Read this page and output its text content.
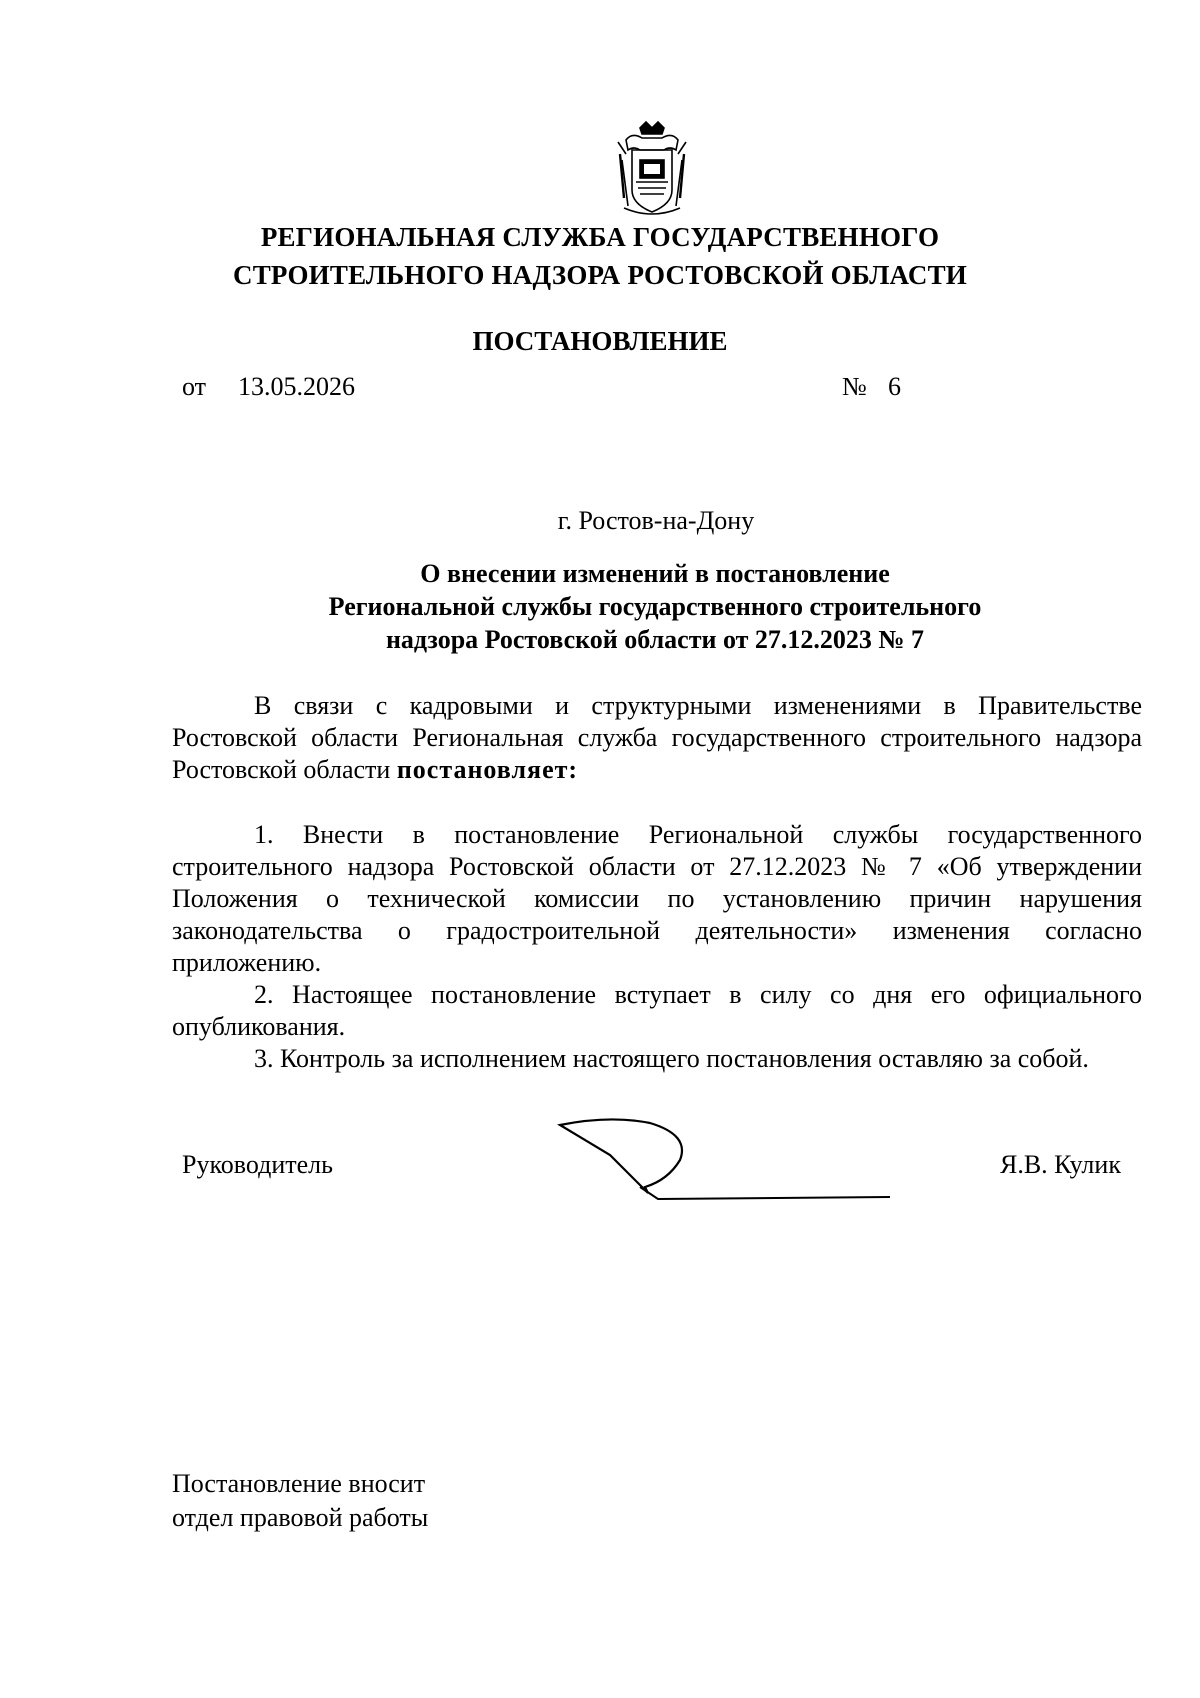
РЕГИОНАЛЬНАЯ СЛУЖБА ГОСУДАРСТВЕННОГО
СТРОИТЕЛЬНОГО НАДЗОРА РОСТОВСКОЙ ОБЛАСТИ
ПОСТАНОВЛЕНИЕ
от 13.05.2026	№ 6
г. Ростов-на-Дону
О внесении изменений в постановление
Региональной службы государственного строительного
надзора Ростовской области от 27.12.2023 № 7

В связи с кадровыми и структурными изменениями в Правительстве Ростовской области Региональная служба государственного строительного надзора Ростовской области постановляет:

1. Внести в постановление Региональной службы государственного строительного надзора Ростовской области от 27.12.2023 № 7 «Об утверждении Положения о технической комиссии по установлению причин нарушения законодательства о градостроительной деятельности» изменения согласно приложению.

2. Настоящее постановление вступает в силу со дня его официального опубликования.

3. Контроль за исполнением настоящего постановления оставляю за собой.

Руководитель	Я.В. Кулик
Постановление вносит
отдел правовой работы
